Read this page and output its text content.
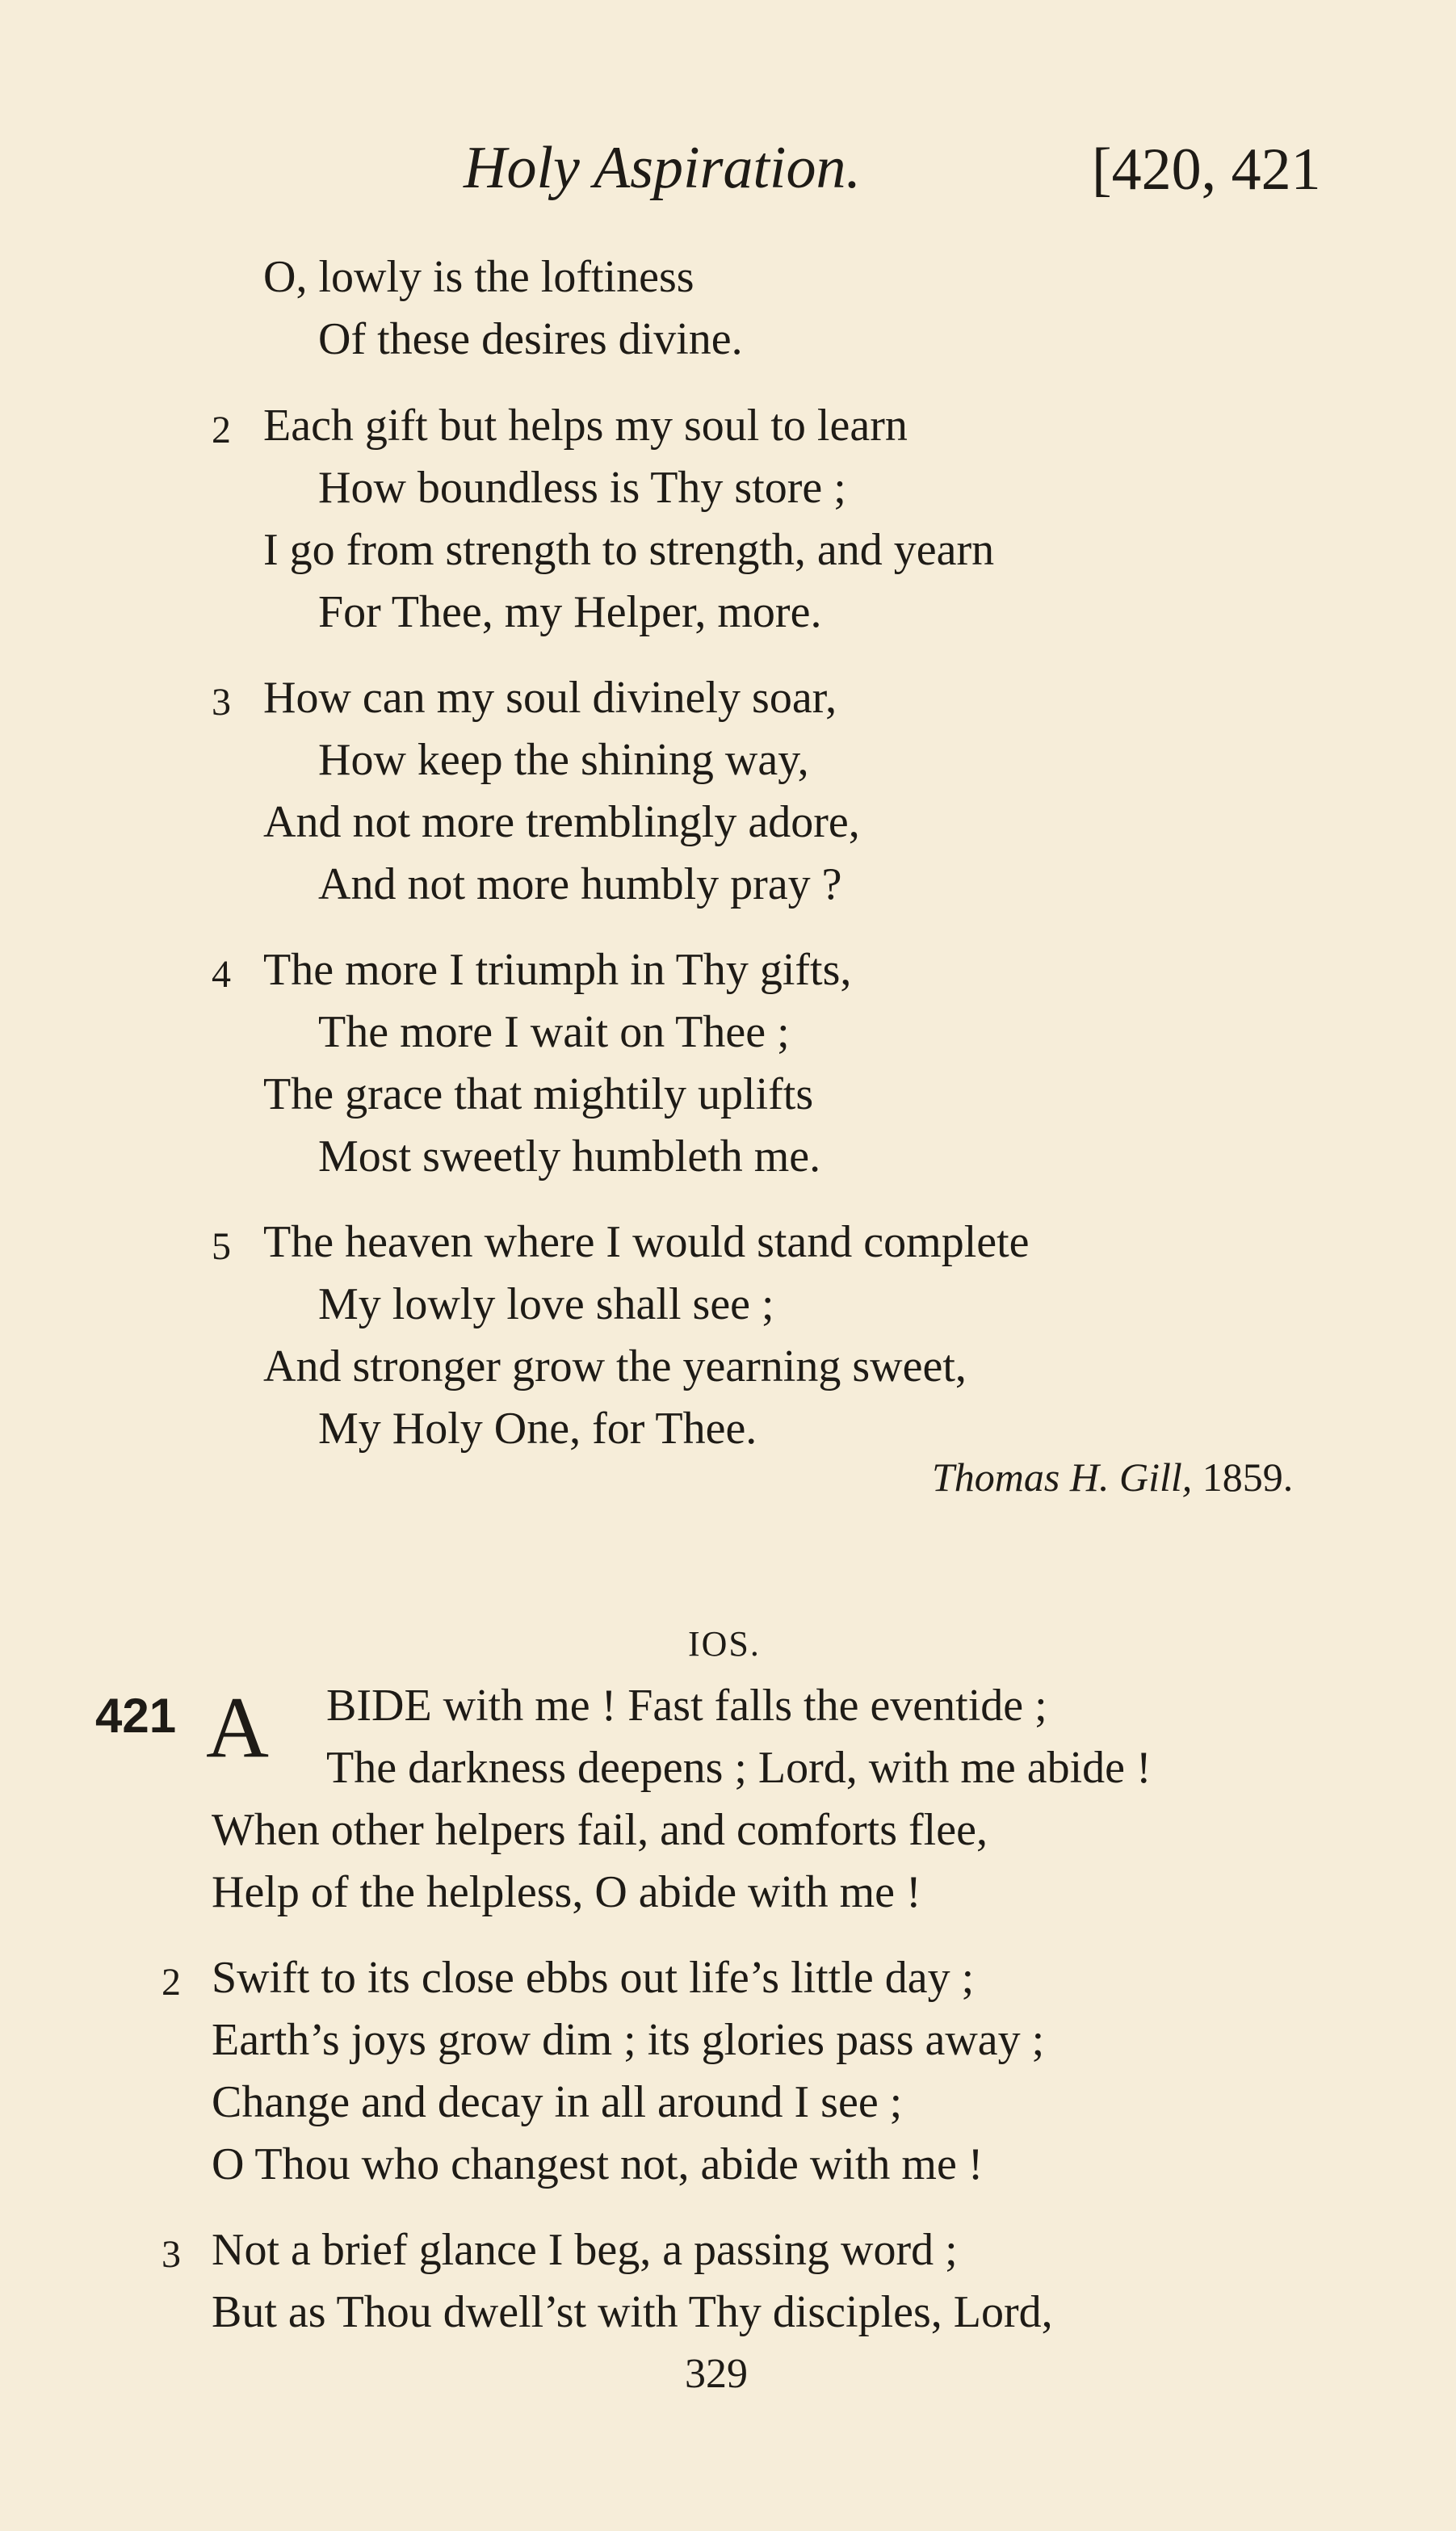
Holy Aspiration.	[420, 421
O, lowly is the loftiness
Of these desires divine.
2 Each gift but helps my soul to learn
How boundless is Thy store ;
I go from strength to strength, and yearn
For Thee, my Helper, more.
3 How can my soul divinely soar,
How keep the shining way,
And not more tremblingly adore,
And not more humbly pray ?
4 The more I triumph in Thy gifts,
The more I wait on Thee ;
The grace that mightily uplifts
Most sweetly humbleth me.
5 The heaven where I would stand complete
My lowly love shall see ;
And stronger grow the yearning sweet,
My Holy One, for Thee.
Thomas H. Gill, 1859.
IOS.
421 A BIDE with me ! Fast falls the eventide ;
The darkness deepens ; Lord, with me abide !
When other helpers fail, and comforts flee,
Help of the helpless, O abide with me !
2 Swift to its close ebbs out life’s little day ;
Earth’s joys grow dim ; its glories pass away ;
Change and decay in all around I see ;
O Thou who changest not, abide with me !
3 Not a brief glance I beg, a passing word ;
But as Thou dwell’st with Thy disciples, Lord,
329
